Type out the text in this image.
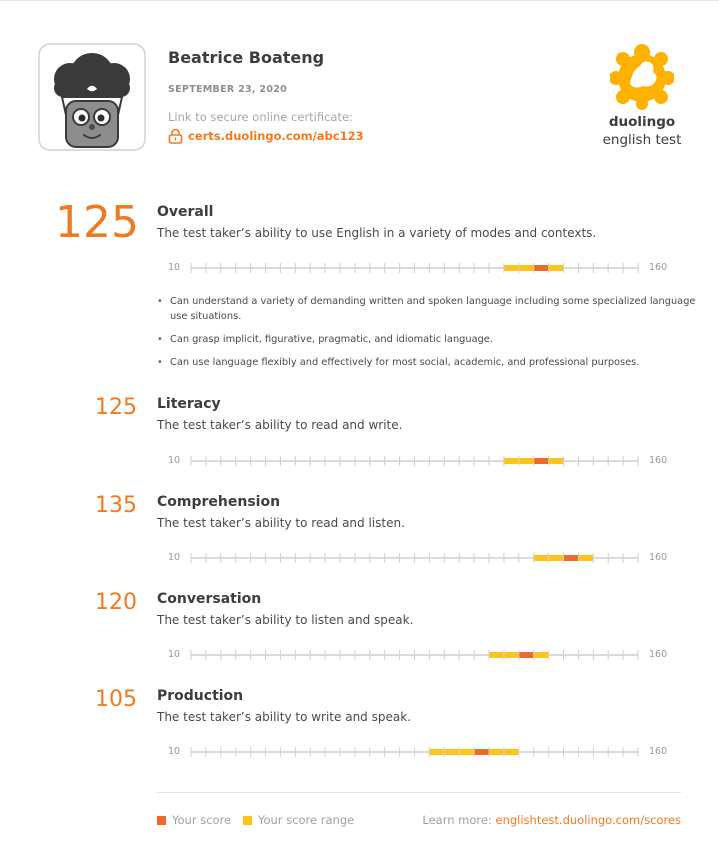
Beatrice Boateng
SEPTEMBER 23, 2020
Link to secure online certificate:
certs.duolingo.com/abc123
duolingo
english test
125 Overall
The test taker’s ability to use English in a variety of modes and contexts.
10	160
• Can understand a variety of demanding written and spoken language including some specialized language use situations.
• Can grasp implicit, figurative, pragmatic, and idiomatic language.
• Can use language flexibly and effectively for most social, academic, and professional purposes.
125 Literacy
The test taker’s ability to read and write.
10	160
135 Comprehension
The test taker’s ability to read and listen.
10	160
120 Conversation
The test taker’s ability to listen and speak.
10	160
105 Production
The test taker’s ability to write and speak.
10	160
Your score Your score range	Learn more: englishtest.duolingo.com/scores
